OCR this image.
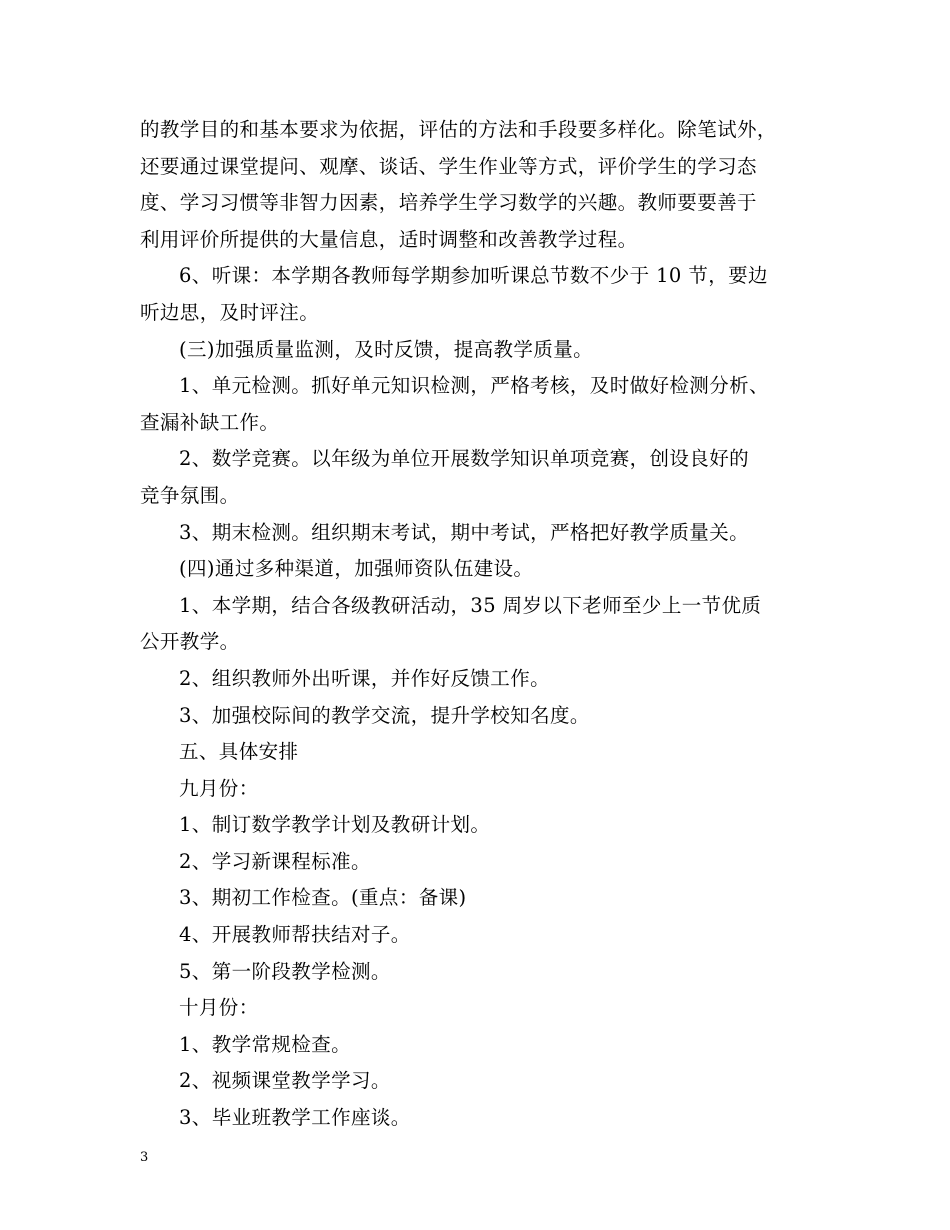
的教学目的和基本要求为依据，评估的方法和手段要多样化。除笔试外，

还要通过课堂提问、观摩、谈话、学生作业等方式，评价学生的学习态

度、学习习惯等非智力因素，培养学生学习数学的兴趣。教师要要善于

利用评价所提供的大量信息，适时调整和改善教学过程。

6、听课：本学期各教师每学期参加听课总节数不少于 10 节，要边

听边思，及时评注。

(三)加强质量监测，及时反馈，提高教学质量。

1、单元检测。抓好单元知识检测，严格考核，及时做好检测分析、

查漏补缺工作。

2、数学竞赛。以年级为单位开展数学知识单项竞赛，创设良好的

竞争氛围。

3、期末检测。组织期末考试，期中考试，严格把好教学质量关。

(四)通过多种渠道，加强师资队伍建设。

1、本学期，结合各级教研活动，35 周岁以下老师至少上一节优质

公开教学。

2、组织教师外出听课，并作好反馈工作。

3、加强校际间的教学交流，提升学校知名度。

五、具体安排

九月份：

1、制订数学教学计划及教研计划。

2、学习新课程标准。

3、期初工作检查。(重点：备课)

4、开展教师帮扶结对子。

5、第一阶段教学检测。

十月份：

1、教学常规检查。

2、视频课堂教学学习。

3、毕业班教学工作座谈。

3
